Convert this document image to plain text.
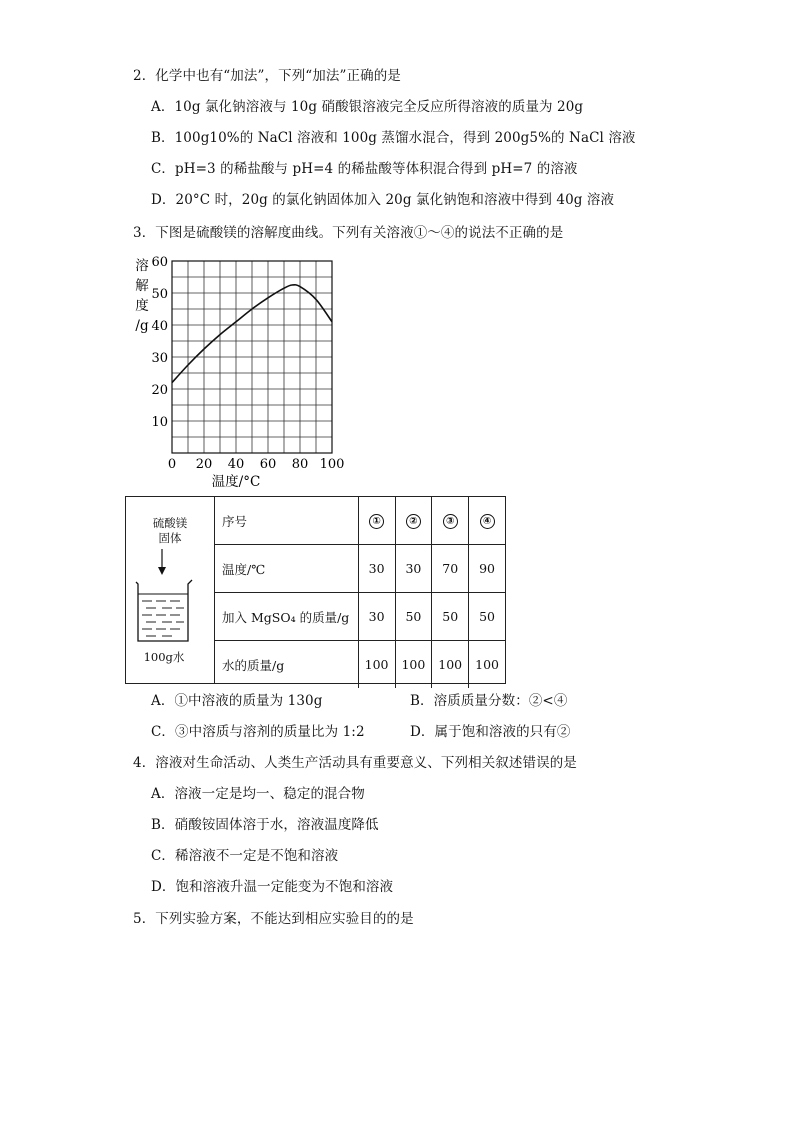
2．化学中也有“加法”，下列“加法”正确的是
A．10g 氯化钠溶液与 10g 硝酸银溶液完全反应所得溶液的质量为 20g
B．100g10%的 NaCl 溶液和 100g 蒸馏水混合，得到 200g5%的 NaCl 溶液
C．pH=3 的稀盐酸与 pH=4 的稀盐酸等体积混合得到 pH=7 的溶液
D．20°C 时，20g 的氯化钠固体加入 20g 氯化钠饱和溶液中得到 40g 溶液
3．下图是硫酸镁的溶解度曲线。下列有关溶液①～④的说法不正确的是
0 20 40 60 80 100
10
20
30
40
50
60
溶
解
度
/g
温度/°C
硫酸镁
固体
100g水
序号	①	②	③	④
温度/℃	30	30	70	90
加入 MgSO₄ 的质量/g	30	50	50	50
水的质量/g	100	100	100	100
A．①中溶液的质量为 130g	B．溶质质量分数：②<④
C．③中溶质与溶剂的质量比为 1:2	D．属于饱和溶液的只有②
4．溶液对生命活动、人类生产活动具有重要意义、下列相关叙述错误的是
A．溶液一定是均一、稳定的混合物
B．硝酸铵固体溶于水，溶液温度降低
C．稀溶液不一定是不饱和溶液
D．饱和溶液升温一定能变为不饱和溶液
5．下列实验方案，不能达到相应实验目的的是
